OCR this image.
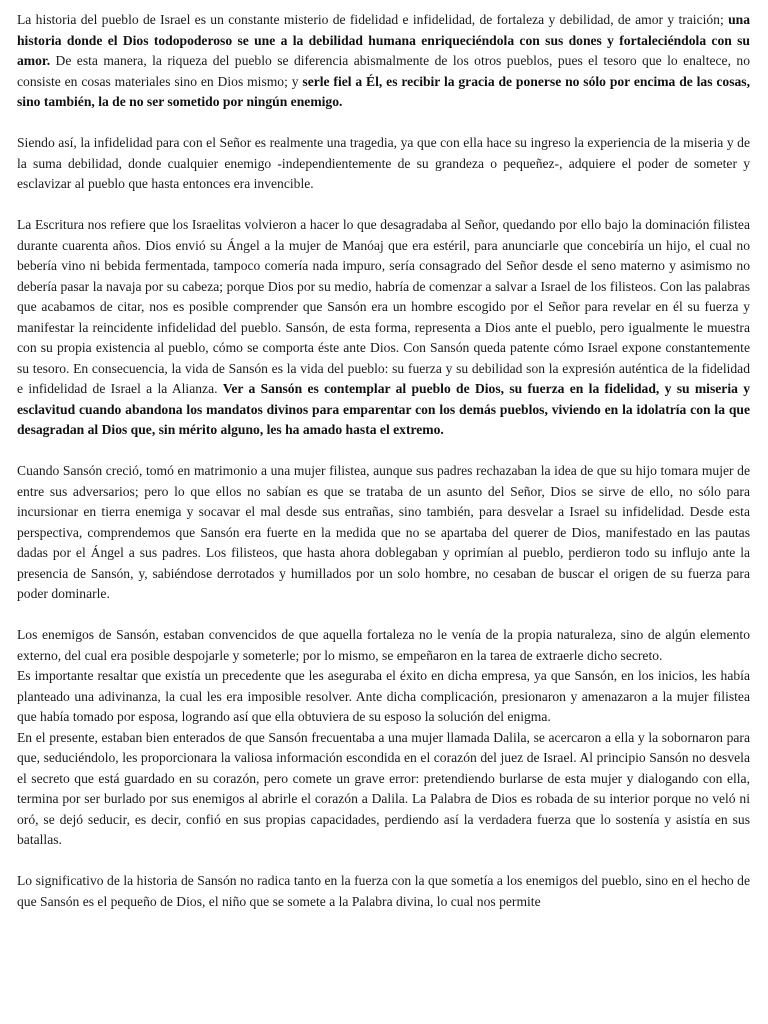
La historia del pueblo de Israel es un constante misterio de fidelidad e infidelidad, de fortaleza y debilidad, de amor y traición; una historia donde el Dios todopoderoso se une a la debilidad humana enriqueciéndola con sus dones y fortaleciéndola con su amor. De esta manera, la riqueza del pueblo se diferencia abismalmente de los otros pueblos, pues el tesoro que lo enaltece, no consiste en cosas materiales sino en Dios mismo; y serle fiel a Él, es recibir la gracia de ponerse no sólo por encima de las cosas, sino también, la de no ser sometido por ningún enemigo.

Siendo así, la infidelidad para con el Señor es realmente una tragedia, ya que con ella hace su ingreso la experiencia de la miseria y de la suma debilidad, donde cualquier enemigo -independientemente de su grandeza o pequeñez-, adquiere el poder de someter y esclavizar al pueblo que hasta entonces era invencible.

La Escritura nos refiere que los Israelitas volvieron a hacer lo que desagradaba al Señor, quedando por ello bajo la dominación filistea durante cuarenta años. Dios envió su Ángel a la mujer de Manóaj que era estéril, para anunciarle que concebiría un hijo, el cual no bebería vino ni bebida fermentada, tampoco comería nada impuro, sería consagrado del Señor desde el seno materno y asimismo no debería pasar la navaja por su cabeza; porque Dios por su medio, habría de comenzar a salvar a Israel de los filisteos. Con las palabras que acabamos de citar, nos es posible comprender que Sansón era un hombre escogido por el Señor para revelar en él su fuerza y manifestar la reincidente infidelidad del pueblo. Sansón, de esta forma, representa a Dios ante el pueblo, pero igualmente le muestra con su propia existencia al pueblo, cómo se comporta éste ante Dios. Con Sansón queda patente cómo Israel expone constantemente su tesoro. En consecuencia, la vida de Sansón es la vida del pueblo: su fuerza y su debilidad son la expresión auténtica de la fidelidad e infidelidad de Israel a la Alianza. Ver a Sansón es contemplar al pueblo de Dios, su fuerza en la fidelidad, y su miseria y esclavitud cuando abandona los mandatos divinos para emparentar con los demás pueblos, viviendo en la idolatría con la que desagradan al Dios que, sin mérito alguno, les ha amado hasta el extremo.

Cuando Sansón creció, tomó en matrimonio a una mujer filistea, aunque sus padres rechazaban la idea de que su hijo tomara mujer de entre sus adversarios; pero lo que ellos no sabían es que se trataba de un asunto del Señor, Dios se sirve de ello, no sólo para incursionar en tierra enemiga y socavar el mal desde sus entrañas, sino también, para desvelar a Israel su infidelidad. Desde esta perspectiva, comprendemos que Sansón era fuerte en la medida que no se apartaba del querer de Dios, manifestado en las pautas dadas por el Ángel a sus padres. Los filisteos, que hasta ahora doblegaban y oprimían al pueblo, perdieron todo su influjo ante la presencia de Sansón, y, sabiéndose derrotados y humillados por un solo hombre, no cesaban de buscar el origen de su fuerza para poder dominarle.

Los enemigos de Sansón, estaban convencidos de que aquella fortaleza no le venía de la propia naturaleza, sino de algún elemento externo, del cual era posible despojarle y someterle; por lo mismo, se empeñaron en la tarea de extraerle dicho secreto.

Es importante resaltar que existía un precedente que les aseguraba el éxito en dicha empresa, ya que Sansón, en los inicios, les había planteado una adivinanza, la cual les era imposible resolver. Ante dicha complicación, presionaron y amenazaron a la mujer filistea que había tomado por esposa, logrando así que ella obtuviera de su esposo la solución del enigma.

En el presente, estaban bien enterados de que Sansón frecuentaba a una mujer llamada Dalila, se acercaron a ella y la sobornaron para que, seduciéndolo, les proporcionara la valiosa información escondida en el corazón del juez de Israel. Al principio Sansón no desvela el secreto que está guardado en su corazón, pero comete un grave error: pretendiendo burlarse de esta mujer y dialogando con ella, termina por ser burlado por sus enemigos al abrirle el corazón a Dalila. La Palabra de Dios es robada de su interior porque no veló ni oró, se dejó seducir, es decir, confió en sus propias capacidades, perdiendo así la verdadera fuerza que lo sostenía y asistía en sus batallas.

Lo significativo de la historia de Sansón no radica tanto en la fuerza con la que sometía a los enemigos del pueblo, sino en el hecho de que Sansón es el pequeño de Dios, el niño que se somete a la Palabra divina, lo cual nos permite
